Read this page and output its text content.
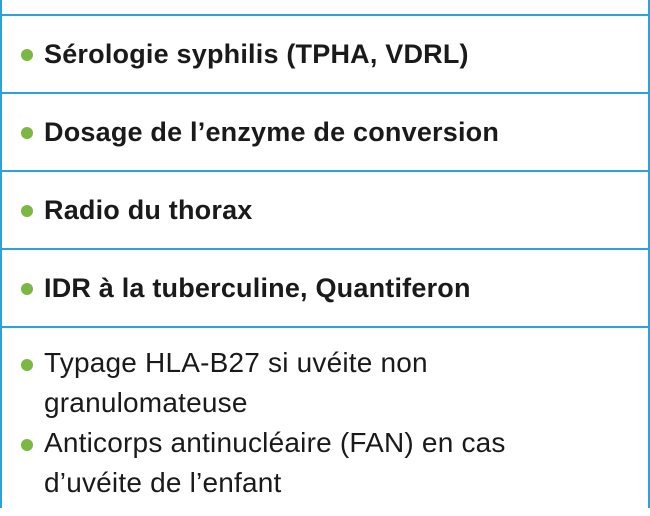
Sérologie syphilis (TPHA, VDRL)
Dosage de l’enzyme de conversion
Radio du thorax
IDR à la tuberculine, Quantiferon
Typage HLA-B27 si uvéite non granulomateuse
Anticorps antinucléaire (FAN) en cas d’uvéite de l’enfant
